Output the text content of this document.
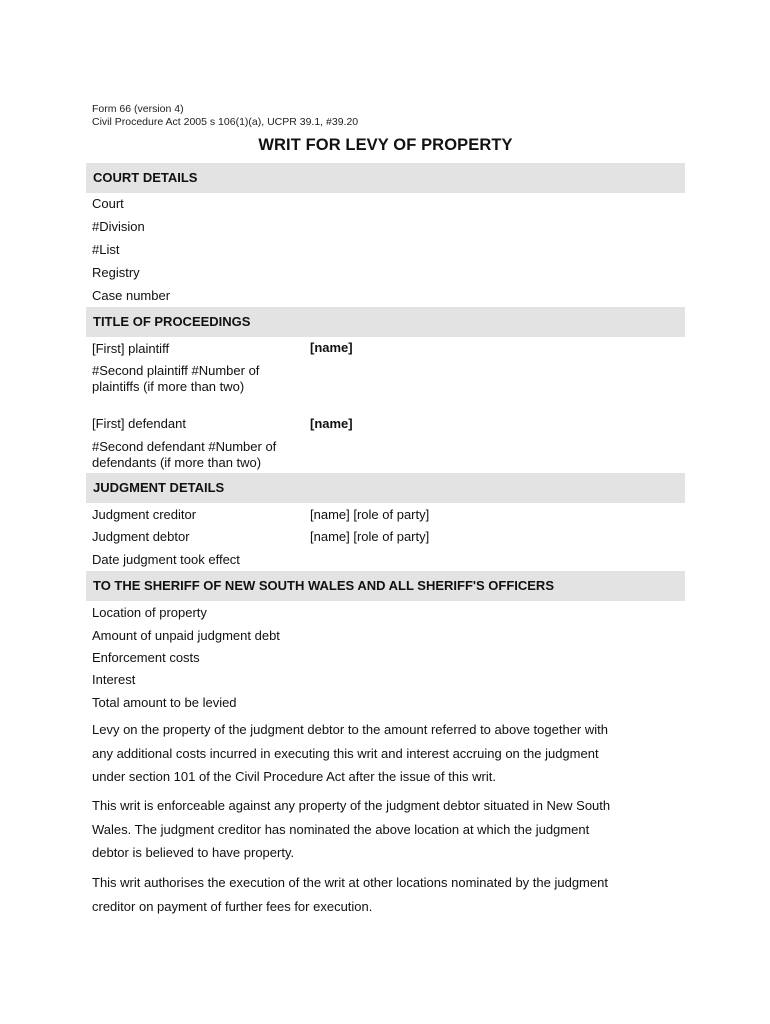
Form 66 (version 4)
Civil Procedure Act 2005 s 106(1)(a), UCPR 39.1, #39.20
WRIT FOR LEVY OF PROPERTY
COURT DETAILS
Court
#Division
#List
Registry
Case number
TITLE OF PROCEEDINGS
[First] plaintiff	[name]
#Second plaintiff #Number of
plaintiffs (if more than two)
[First] defendant	[name]
#Second defendant #Number of
defendants (if more than two)
JUDGMENT DETAILS
Judgment creditor	[name] [role of party]
Judgment debtor	[name] [role of party]
Date judgment took effect
TO THE SHERIFF OF NEW SOUTH WALES AND ALL SHERIFF'S OFFICERS
Location of property
Amount of unpaid judgment debt
Enforcement costs
Interest
Total amount to be levied
Levy on the property of the judgment debtor to the amount referred to above together with
any additional costs incurred in executing this writ and interest accruing on the judgment
under section 101 of the Civil Procedure Act after the issue of this writ.
This writ is enforceable against any property of the judgment debtor situated in New South
Wales. The judgment creditor has nominated the above location at which the judgment
debtor is believed to have property.
This writ authorises the execution of the writ at other locations nominated by the judgment
creditor on payment of further fees for execution.
